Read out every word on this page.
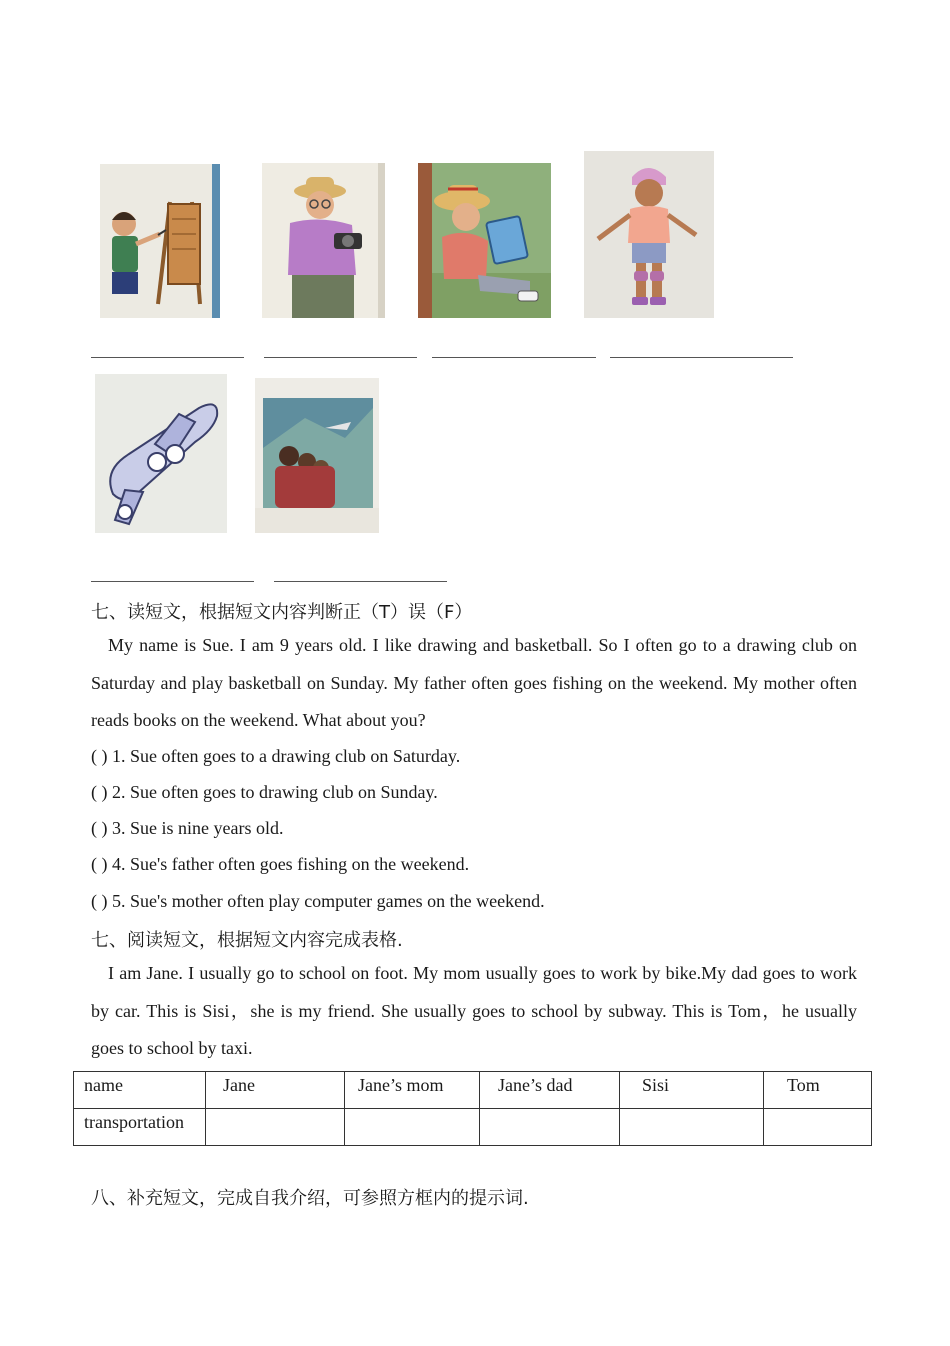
七、读短文，根据短文内容判断正（T）误（F）
My name is Sue. I am 9 years old. I like drawing and basketball. So I often go to a drawing club on Saturday and play basketball on Sunday. My father often goes fishing on the weekend. My mother often reads books on the weekend. What about you?
( ) 1. Sue often goes to a drawing club on Saturday.
( ) 2. Sue often goes to drawing club on Sunday.
( ) 3. Sue is nine years old.
( ) 4. Sue's father often goes fishing on the weekend.
( ) 5. Sue's mother often play computer games on the weekend.
七、阅读短文，根据短文内容完成表格.
I am Jane. I usually go to school on foot. My mom usually goes to work by bike.My dad goes to work by car. This is Sisi，she is my friend. She usually goes to school by subway. This is Tom，he usually goes to school by taxi.
name	Jane	Jane’s mom	Jane’s dad	Sisi	Tom
transportation					
八、补充短文，完成自我介绍，可参照方框内的提示词.
